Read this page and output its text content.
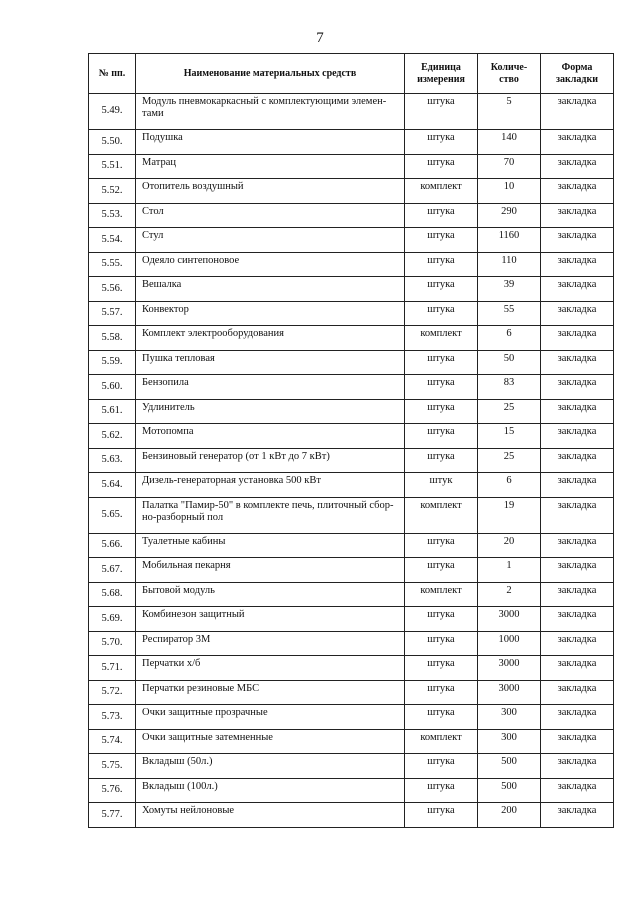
7
№ пп.	Наименование материальных средств	Единица измерения	Количе-ство	Форма закладки
5.49.	Модуль пневмокаркасный с комплектующими элемен-тами	штука	5	закладка
5.50.	Подушка	штука	140	закладка
5.51.	Матрац	штука	70	закладка
5.52.	Отопитель воздушный	комплект	10	закладка
5.53.	Стол	штука	290	закладка
5.54.	Стул	штука	1160	закладка
5.55.	Одеяло синтепоновое	штука	110	закладка
5.56.	Вешалка	штука	39	закладка
5.57.	Конвектор	штука	55	закладка
5.58.	Комплект электрооборудования	комплект	6	закладка
5.59.	Пушка тепловая	штука	50	закладка
5.60.	Бензопила	штука	83	закладка
5.61.	Удлинитель	штука	25	закладка
5.62.	Мотопомпа	штука	15	закладка
5.63.	Бензиновый генератор (от 1 кВт до 7 кВт)	штука	25	закладка
5.64.	Дизель-генераторная установка 500 кВт	штук	6	закладка
5.65.	Палатка "Памир-50" в комплекте печь, плиточный сбор-но-разборный пол	комплект	19	закладка
5.66.	Туалетные кабины	штука	20	закладка
5.67.	Мобильная пекарня	штука	1	закладка
5.68.	Бытовой модуль	комплект	2	закладка
5.69.	Комбинезон защитный	штука	3000	закладка
5.70.	Респиратор 3М	штука	1000	закладка
5.71.	Перчатки х/б	штука	3000	закладка
5.72.	Перчатки резиновые МБС	штука	3000	закладка
5.73.	Очки защитные прозрачные	штука	300	закладка
5.74.	Очки защитные затемненные	комплект	300	закладка
5.75.	Вкладыш (50л.)	штука	500	закладка
5.76.	Вкладыш (100л.)	штука	500	закладка
5.77.	Хомуты нейлоновые	штука	200	закладка
